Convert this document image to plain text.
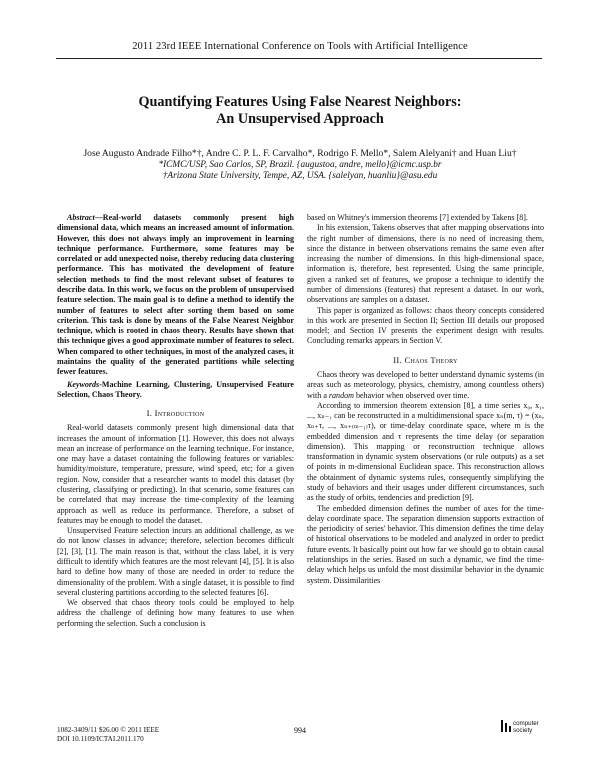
2011 23rd IEEE International Conference on Tools with Artificial Intelligence
Quantifying Features Using False Nearest Neighbors:
An Unsupervised Approach
Jose Augusto Andrade Filho*†, Andre C. P. L. F. Carvalho*, Rodrigo F. Mello*, Salem Alelyani† and Huan Liu†
*ICMC/USP, Sao Carlos, SP, Brazil. {augustoa, andre, mello}@icmc.usp.br
†Arizona State University, Tempe, AZ, USA. {salelyan, huanliu}@asu.edu

Abstract—Real-world datasets commonly present high dimensional data, which means an increased amount of information. However, this does not always imply an improvement in learning technique performance. Furthermore, some features may be correlated or add unexpected noise, thereby reducing data clustering performance. This has motivated the development of feature selection methods to find the most relevant subset of features to describe data. In this work, we focus on the problem of unsupervised feature selection. The main goal is to define a method to identify the number of features to select after sorting them based on some criterion. This task is done by means of the False Nearest Neighbor technique, which is rooted in chaos theory. Results have shown that this technique gives a good approximate number of features to select. When compared to other techniques, in most of the analyzed cases, it maintains the quality of the generated partitions while selecting fewer features.

Keywords-Machine Learning, Clustering, Unsupervised Feature Selection, Chaos Theory.

I. Introduction

Real-world datasets commonly present high dimensional data that increases the amount of information [1]. However, this does not always mean an increase of performance on the learning technique. For instance, one may have a dataset containing the following features or variables: humidity/moisture, temperature, pressure, wind speed, etc; for a given region. Now, consider that a researcher wants to model this dataset (by clustering, classifying or predicting). In that scenario, some features can be correlated that may increase the time-complexity of the learning approach as well as reduce its performance. Therefore, a subset of features may be enough to model the dataset.

Unsupervised Feature selection incurs an additional challenge, as we do not know classes in advance; therefore, selection becomes difficult [2], [3], [1]. The main reason is that, without the class label, it is very difficult to identify which features are the most relevant [4], [5]. It is also hard to define how many of those are needed in order to reduce the dimensionality of the problem. With a single dataset, it is possible to find several clustering partitions according to the selected features [6].

We observed that chaos theory tools could be employed to help address the challenge of defining how many features to use when performing the selection. Such a conclusion is

based on Whitney's immersion theorems [7] extended by Takens [8].

In his extension, Takens observes that after mapping observations into the right number of dimensions, there is no need of increasing them, since the distance in between observations remains the same even after increasing the number of dimensions. In this high-dimensional space, information is, therefore, best represented. Using the same principle, given a ranked set of features, we propose a technique to identify the number of dimensions (features) that represent a dataset. In our work, observations are samples on a dataset.

This paper is organized as follows: chaos theory concepts considered in this work are presented in Section II; Section III details our proposed model; and Section IV presents the experiment design with results. Concluding remarks appears in Section V.

II. Chaos Theory

Chaos theory was developed to better understand dynamic systems (in areas such as meteorology, physics, chemistry, among countless others) with a random behavior when observed over time.

According to immersion theorem extension [8], a time series x₀, x₁, ..., xₙ₋₁ can be reconstructed in a multidimensional space xₙ(m, τ) = (xₙ, xₙ₊τ, ..., xₙ₊₍ₘ₋₁₎τ), or time-delay coordinate space, where m is the embedded dimension and τ represents the time delay (or separation dimension). This mapping or reconstruction technique allows transformation in dynamic system observations (or rule outputs) as a set of points in m-dimensional Euclidean space. This reconstruction allows the obtainment of dynamic systems rules, consequently simplifying the study of behaviors and their usages under different circumstances, such as the study of orbits, tendencies and prediction [9].

The embedded dimension defines the number of axes for the time-delay coordinate space. The separation dimension supports extraction of the periodicity of series' behavior. This dimension defines the time delay of historical observations to be modeled and analyzed in order to predict future events. It basically point out how far we should go to obtain causal relationships in the series. Based on such a dynamic, we find the time-delay which helps us unfold the most dissimilar behavior in the dynamic system. Dissimilarities

1082-3409/11 $26.00 © 2011 IEEE
DOI 10.1109/ICTAI.2011.170
994
computer
society
